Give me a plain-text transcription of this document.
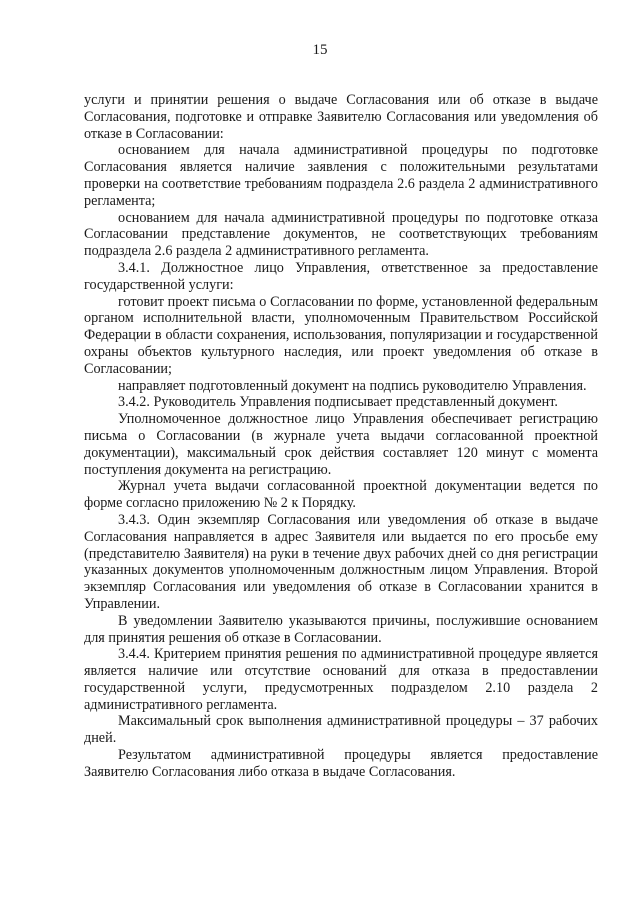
15

услуги и принятии решения о выдаче Согласования или об отказе в выдаче Согласования, подготовке и отправке Заявителю Согласования или уведомления об отказе в Согласовании:

основанием для начала административной процедуры по подготовке Согласования является наличие заявления с положительными результатами проверки на соответствие требованиям подраздела 2.6 раздела 2 административного регламента;

основанием для начала административной процедуры по подготовке отказа Согласовании представление документов, не соответствующих требованиям подраздела 2.6 раздела 2 административного регламента.

3.4.1. Должностное лицо Управления, ответственное за предоставление государственной услуги:

готовит проект письма о Согласовании по форме, установленной федеральным органом исполнительной власти, уполномоченным Правительством Российской Федерации в области сохранения, использования, популяризации и государственной охраны объектов культурного наследия, или проект уведомления об отказе в Согласовании;

направляет подготовленный документ на подпись руководителю Управления.

3.4.2. Руководитель Управления подписывает представленный документ.

Уполномоченное должностное лицо Управления обеспечивает регистрацию письма о Согласовании (в журнале учета выдачи согласованной проектной документации), максимальный срок действия составляет 120 минут с момента поступления документа на регистрацию.

Журнал учета выдачи согласованной проектной документации ведется по форме согласно приложению № 2 к Порядку.

3.4.3. Один экземпляр Согласования или уведомления об отказе в выдаче Согласования направляется в адрес Заявителя или выдается по его просьбе ему (представителю Заявителя) на руки в течение двух рабочих дней со дня регистрации указанных документов уполномоченным должностным лицом Управления. Второй экземпляр Согласования или уведомления об отказе в Согласовании хранится в Управлении.

В уведомлении Заявителю указываются причины, послужившие основанием для принятия решения об отказе в Согласовании.

3.4.4. Критерием принятия решения по административной процедуре является является наличие или отсутствие оснований для отказа в предоставлении государственной услуги, предусмотренных подразделом 2.10 раздела 2 административного регламента.

Максимальный срок выполнения административной процедуры – 37 рабочих дней.

Результатом административной процедуры является предоставление Заявителю Согласования либо отказа в выдаче Согласования.
